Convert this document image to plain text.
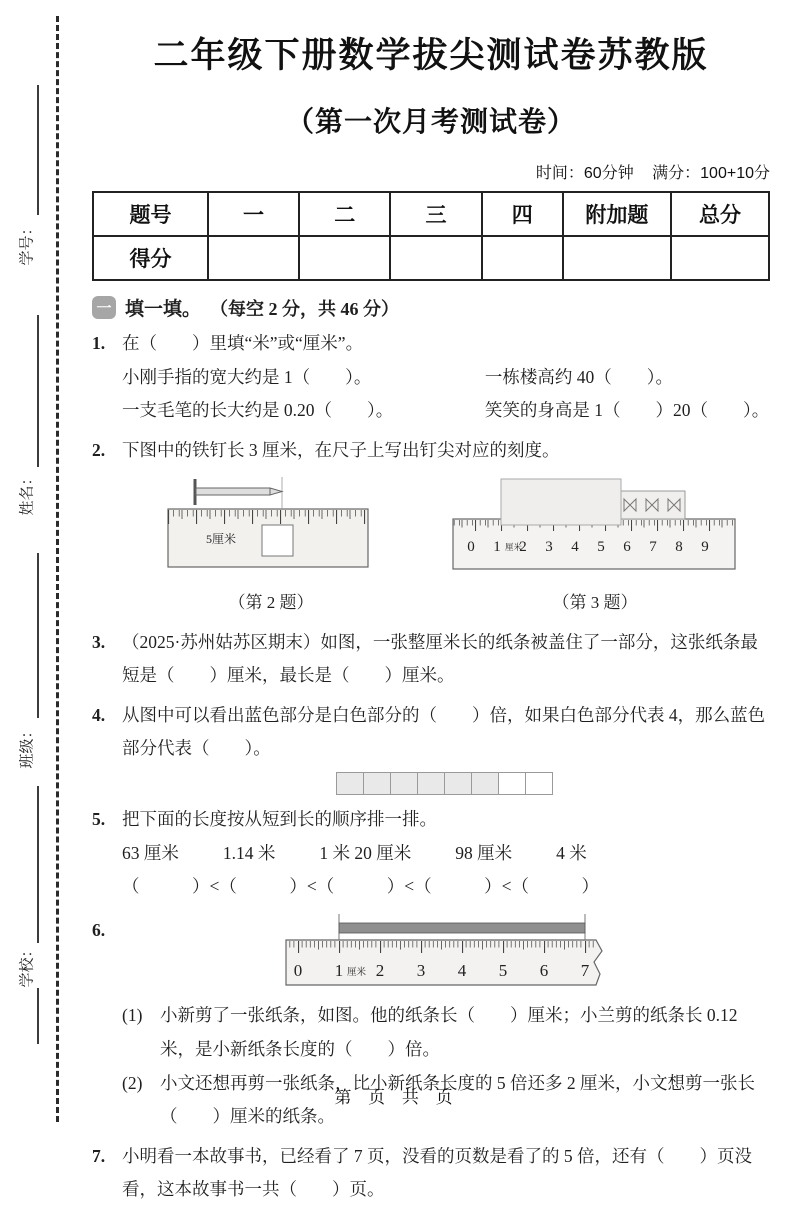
学号：
姓名：
班级：
学校：
二年级下册数学拔尖测试卷苏教版
（第一次月考测试卷）
时间：60分钟 满分：100+10分
题号	一	二	三	四	附加题	总分
得分						
一 填一填。 （每空 2 分，共 46 分）
1. 在（　　）里填“米”或“厘米”。
小刚手指的宽大约是 1（　　）。	一栋楼高约 40（　　）。
一支毛笔的长大约是 0.20（　　）。	笑笑的身高是 1（　　）20（　　）。
2. 下图中的铁钉长 3 厘米，在尺子上写出钉尖对应的刻度。
5厘米
（第 2 题）
0 1 厘米
2 3 4 5 6 7 8 9
（第 3 题）
3. （2025·苏州姑苏区期末）如图，一张整厘米长的纸条被盖住了一部分，这张纸条最短是（　　）厘米，最长是（　　）厘米。
4. 从图中可以看出蓝色部分是白色部分的（　　）倍，如果白色部分代表 4，那么蓝色部分代表（　　）。
5. 把下面的长度按从短到长的顺序排一排。
63 厘米	1.14 米	1 米 20 厘米	98 厘米	4 米
（　　　）<（　　　）<（　　　）<（　　　）<（　　　）
6.
0 1 厘米 2 3 4 5 6 7
(1)	小新剪了一张纸条，如图。他的纸条长（　　）厘米；小兰剪的纸条长 0.12 米，是小新纸条长度的（　　）倍。
(2)	小文还想再剪一张纸条，比小新纸条长度的 5 倍还多 2 厘米，小文想剪一张长（　　）厘米的纸条。
7. 小明看一本故事书，已经看了 7 页，没看的页数是看了的 5 倍，还有（　　）页没看，这本故事书一共（　　）页。
第 页 共 页
